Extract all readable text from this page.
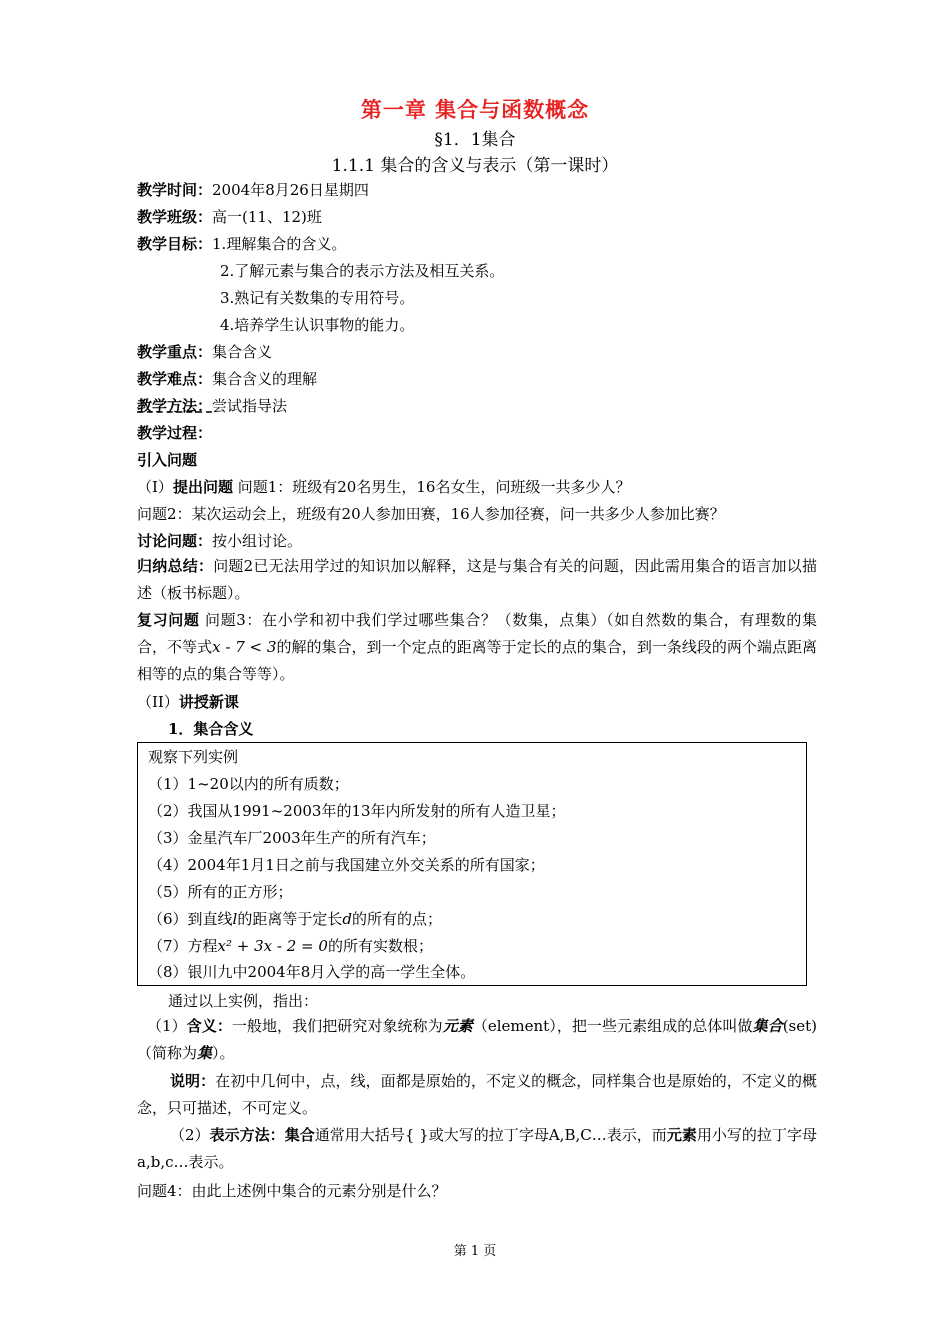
第一章 集合与函数概念
§1．1集合
1.1.1 集合的含义与表示（第一课时）
教学时间：2004年8月26日星期四
教学班级：高一(11、12)班
教学目标：1.理解集合的含义。
2.了解元素与集合的表示方法及相互关系。
3.熟记有关数集的专用符号。
4.培养学生认识事物的能力。
教学重点：集合含义
教学难点：集合含义的理解
教学方法：尝试指导法
教学过程：
引入问题
（I）提出问题 问题1：班级有20名男生，16名女生，问班级一共多少人？
问题2：某次运动会上，班级有20人参加田赛，16人参加径赛，问一共多少人参加比赛？
讨论问题：按小组讨论。
归纳总结：问题2已无法用学过的知识加以解释，这是与集合有关的问题，因此需用集合的语言加以描述（板书标题）。
复习问题 问题3：在小学和初中我们学过哪些集合？（数集，点集）（如自然数的集合，有理数的集合，不等式x - 7 < 3的解的集合，到一个定点的距离等于定长的点的集合，到一条线段的两个端点距离相等的点的集合等等）。
（II）讲授新课
1．集合含义
观察下列实例
（1）1~20以内的所有质数；
（2）我国从1991~2003年的13年内所发射的所有人造卫星；
（3）金星汽车厂2003年生产的所有汽车；
（4）2004年1月1日之前与我国建立外交关系的所有国家；
（5）所有的正方形；
（6）到直线l的距离等于定长d的所有的点；
（7）方程x² + 3x - 2 = 0的所有实数根；
（8）银川九中2004年8月入学的高一学生全体。
通过以上实例，指出：
（1）含义：一般地，我们把研究对象统称为元素（element），把一些元素组成的总体叫做集合(set)（简称为集）。
说明：在初中几何中，点，线，面都是原始的，不定义的概念，同样集合也是原始的，不定义的概念，只可描述，不可定义。
（2）表示方法：集合通常用大括号{ }或大写的拉丁字母A,B,C…表示，而元素用小写的拉丁字母a,b,c…表示。
问题4：由此上述例中集合的元素分别是什么？
第 1 页
